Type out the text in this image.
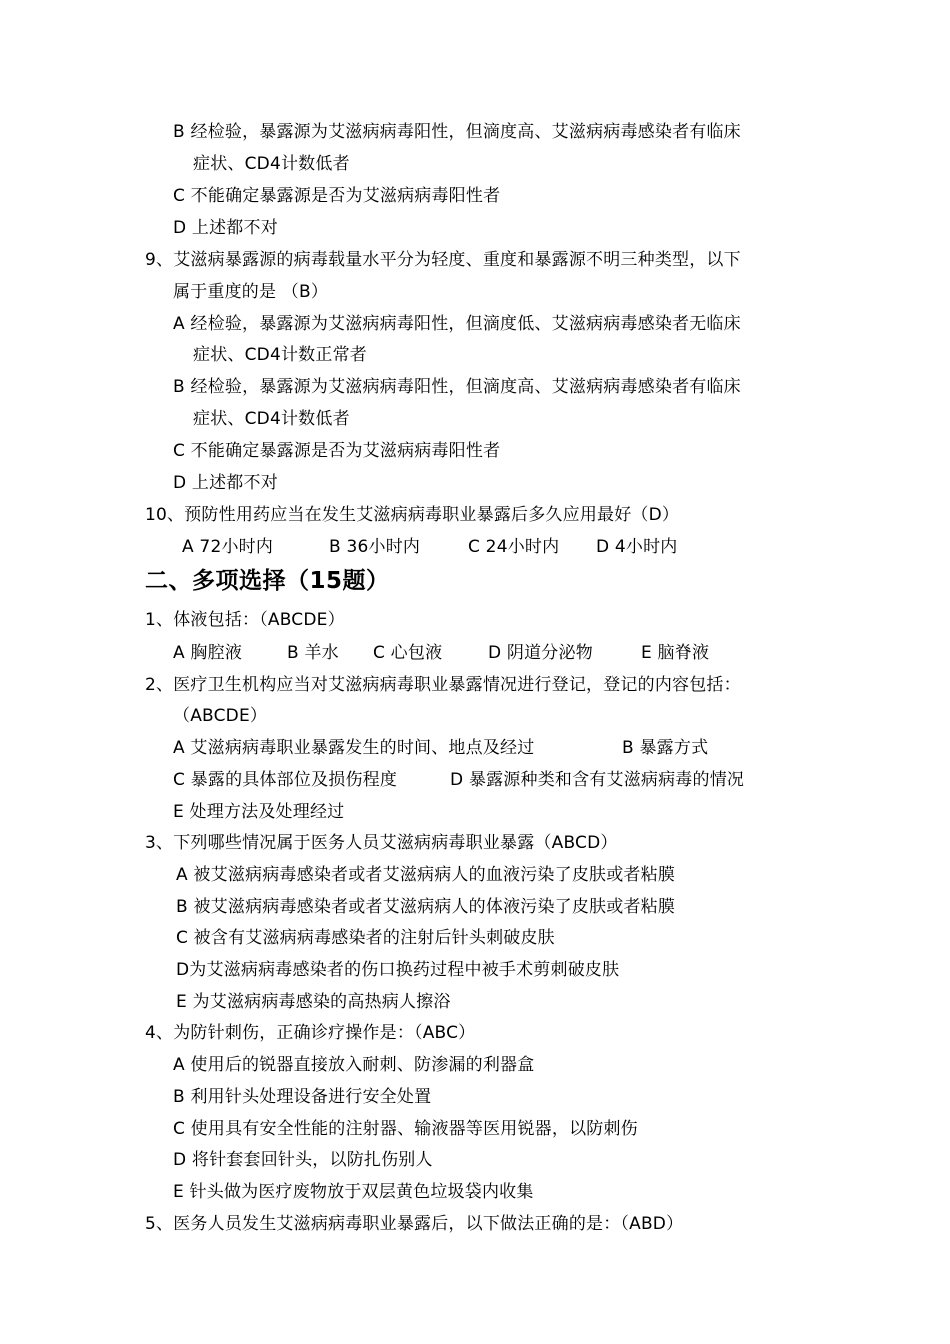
B 经检验，暴露源为艾滋病病毒阳性，但滴度高、艾滋病病毒感染者有临床
症状、CD4计数低者
C 不能确定暴露源是否为艾滋病病毒阳性者
D 上述都不对
9、艾滋病暴露源的病毒载量水平分为轻度、重度和暴露源不明三种类型，以下
属于重度的是 （B）
A 经检验，暴露源为艾滋病病毒阳性，但滴度低、艾滋病病毒感染者无临床
症状、CD4计数正常者
B 经检验，暴露源为艾滋病病毒阳性，但滴度高、艾滋病病毒感染者有临床
症状、CD4计数低者
C 不能确定暴露源是否为艾滋病病毒阳性者
D 上述都不对
10、预防性用药应当在发生艾滋病病毒职业暴露后多久应用最好（D）
A 72小时内	B 36小时内	C 24小时内 D 4小时内
二、多项选择（15题）
1、体液包括：（ABCDE）
A 胸腔液	B 羊水 C 心包液	D 阴道分泌物	E 脑脊液
2、医疗卫生机构应当对艾滋病病毒职业暴露情况进行登记，登记的内容包括：
（ABCDE）
A 艾滋病病毒职业暴露发生的时间、地点及经过	B 暴露方式
C 暴露的具体部位及损伤程度	D 暴露源种类和含有艾滋病病毒的情况
E 处理方法及处理经过
3、下列哪些情况属于医务人员艾滋病病毒职业暴露（ABCD）
A 被艾滋病病毒感染者或者艾滋病病人的血液污染了皮肤或者粘膜
B 被艾滋病病毒感染者或者艾滋病病人的体液污染了皮肤或者粘膜
C 被含有艾滋病病毒感染者的注射后针头刺破皮肤
D为艾滋病病毒感染者的伤口换药过程中被手术剪刺破皮肤
E 为艾滋病病毒感染的高热病人擦浴
4、为防针刺伤，正确诊疗操作是：（ABC）
A 使用后的锐器直接放入耐刺、防渗漏的利器盒
B 利用针头处理设备进行安全处置
C 使用具有安全性能的注射器、输液器等医用锐器，以防刺伤
D 将针套套回针头，以防扎伤别人
E 针头做为医疗废物放于双层黄色垃圾袋内收集
5、医务人员发生艾滋病病毒职业暴露后，以下做法正确的是：（ABD）
